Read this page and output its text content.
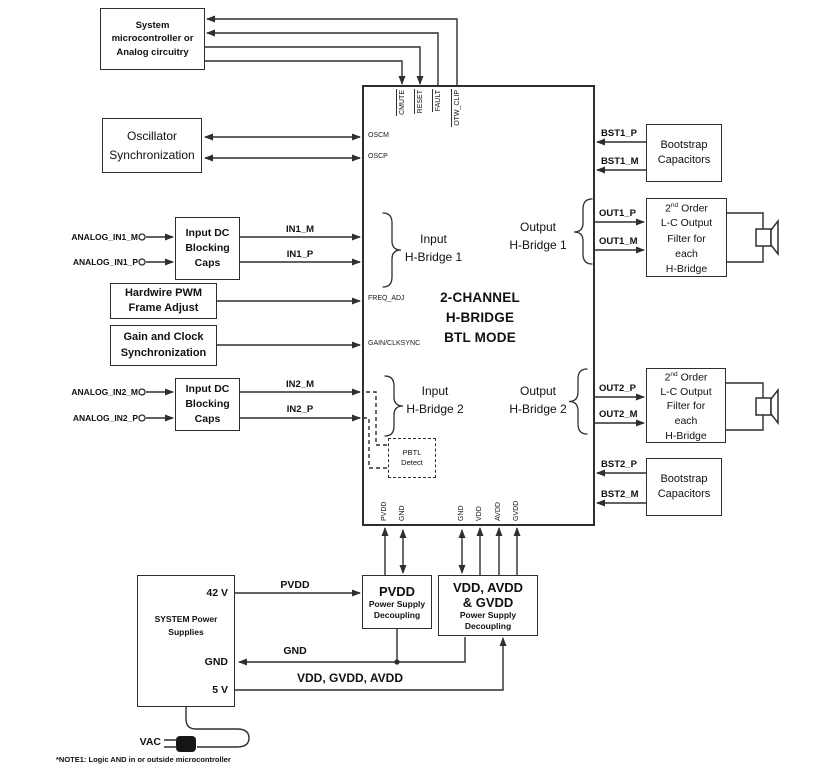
System
microcontroller or
Analog circuitry
Oscillator
Synchronization
Input DC
Blocking
Caps
Hardwire PWM
Frame Adjust
Gain and Clock
Synchronization
Input DC
Blocking
Caps
Bootstrap
Capacitors
2nd Order
L-C Output
Filter for
each
H-Bridge
2nd Order
L-C Output
Filter for
each
H-Bridge
Bootstrap
Capacitors
SYSTEM Power
Supplies
42 V
GND
5 V
PVDD
Power Supply
Decoupling
VDD, AVDD
& GVDD
Power Supply
Decoupling
PBTL
Detect
2-CHANNEL
H-BRIDGE
BTL MODE
Input
H-Bridge 1
Input
H-Bridge 2
Output
H-Bridge 1
Output
H-Bridge 2
OSCM
OSCP
FREQ_ADJ
GAIN/CLKSYNC
CMUTE	RESET	FAULT	OTW_CLIP
PVDD GND	GND VDD AVDD GVDD
ANALOG_IN1_M
ANALOG_IN1_P
ANALOG_IN2_M
ANALOG_IN2_P
IN1_M
IN1_P
IN2_M
IN2_P
BST1_P
BST1_M
OUT1_P
OUT1_M
OUT2_P
OUT2_M
BST2_P
BST2_M
PVDD
GND
VDD, GVDD, AVDD
VAC
*NOTE1: Logic AND in or outside microcontroller
